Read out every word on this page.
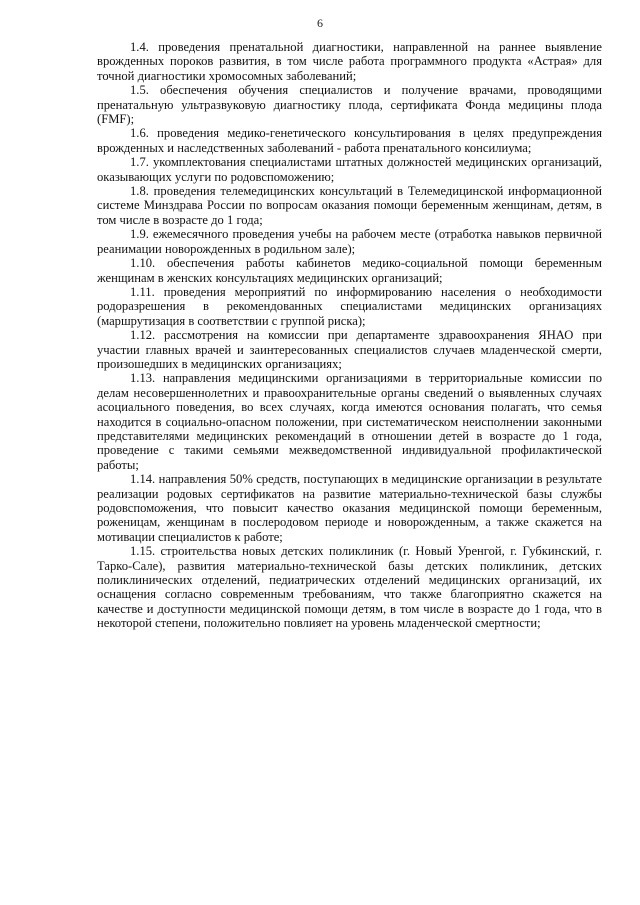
6

1.4. проведения пренатальной диагностики, направленной на раннее выявление врожденных пороков развития, в том числе работа программного продукта «Астрая» для точной диагностики хромосомных заболеваний;

1.5. обеспечения обучения специалистов и получение врачами, проводящими пренатальную ультразвуковую диагностику плода, сертификата Фонда медицины плода (FMF);

1.6. проведения медико-генетического консультирования в целях предупреждения врожденных и наследственных заболеваний - работа пренатального консилиума;

1.7. укомплектования специалистами штатных должностей медицинских организаций, оказывающих услуги по родовспоможению;

1.8. проведения телемедицинских консультаций в Телемедицинской информационной системе Минздрава России по вопросам оказания помощи беременным женщинам, детям, в том числе в возрасте до 1 года;

1.9. ежемесячного проведения учебы на рабочем месте (отработка навыков первичной реанимации новорожденных в родильном зале);

1.10. обеспечения работы кабинетов медико-социальной помощи беременным женщинам в женских консультациях медицинских организаций;

1.11. проведения мероприятий по информированию населения о необходимости родоразрешения в рекомендованных специалистами медицинских организациях (маршрутизация в соответствии с группой риска);

1.12. рассмотрения на комиссии при департаменте здравоохранения ЯНАО при участии главных врачей и заинтересованных специалистов случаев младенческой смерти, произошедших в медицинских организациях;

1.13. направления медицинскими организациями в территориальные комиссии по делам несовершеннолетних и правоохранительные органы сведений о выявленных случаях асоциального поведения, во всех случаях, когда имеются основания полагать, что семья находится в социально-опасном положении, при систематическом неисполнении законными представителями медицинских рекомендаций в отношении детей в возрасте до 1 года, проведение с такими семьями межведомственной индивидуальной профилактической работы;

1.14. направления 50% средств, поступающих в медицинские организации в результате реализации родовых сертификатов на развитие материально-технической базы службы родовспоможения, что повысит качество оказания медицинской помощи беременным, роженицам, женщинам в послеродовом периоде и новорожденным, а также скажется на мотивации специалистов к работе;

1.15. строительства новых детских поликлиник (г. Новый Уренгой, г. Губкинский, г. Тарко-Сале), развития материально-технической базы детских поликлиник, детских поликлинических отделений, педиатрических отделений медицинских организаций, их оснащения согласно современным требованиям, что также благоприятно скажется на качестве и доступности медицинской помощи детям, в том числе в возрасте до 1 года, что в некоторой степени, положительно повлияет на уровень младенческой смертности;
